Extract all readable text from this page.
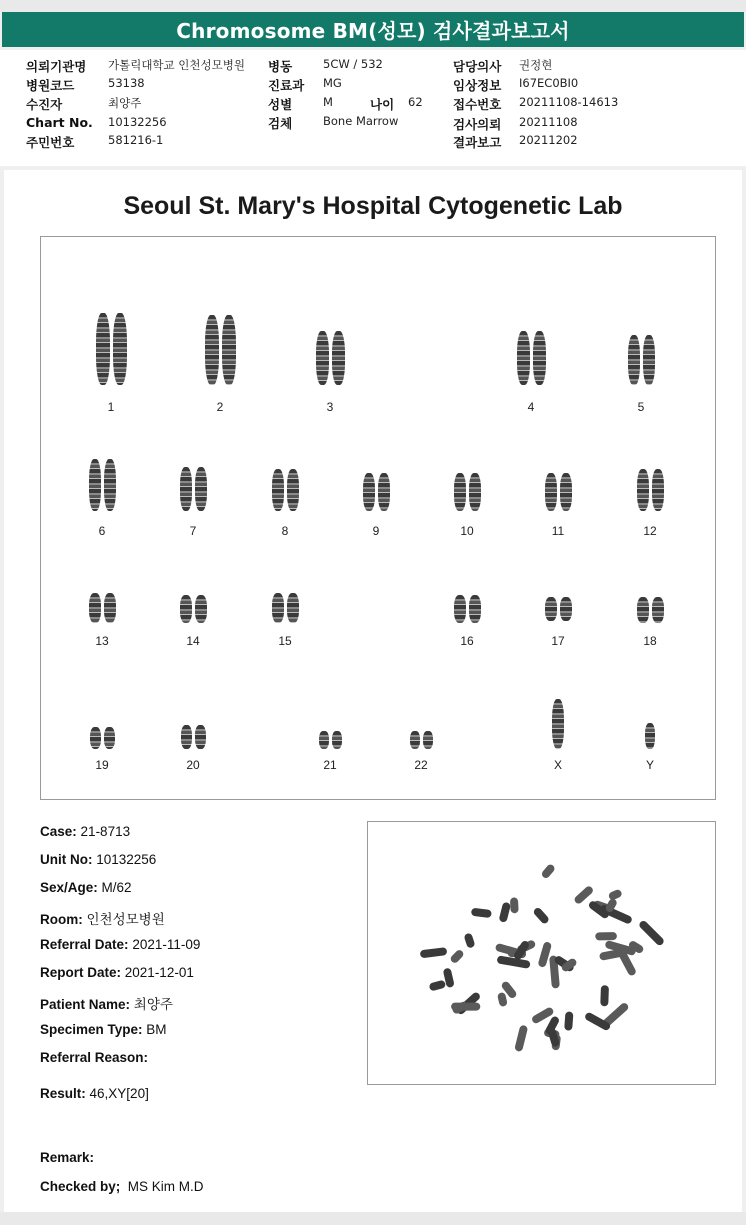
Chromosome BM(성모) 검사결과보고서
의뢰기관명 가톨릭대학교 인천성모병원
병원코드	53138
수진자	최양주
Chart No. 10132256
주민번호	581216-1
병동	5CW / 532
진료과 MG
성별	M	나이 62
검체	Bone Marrow
담당의사 권정현
임상정보 I67EC0BI0
접수번호 20211108-14613
검사의뢰 20211108
결과보고 20211202
Seoul St. Mary's Hospital Cytogenetic Lab
1	2	3	4	5
6	7	8	9	10	11	12
13	14	15	16	17	18
19	20	21	22	X	Y
Case: 21-8713
Unit No: 10132256
Sex/Age: M/62
Room: 인천성모병원
Referral Date: 2021-11-09
Report Date: 2021-12-01
Patient Name: 최양주
Specimen Type: BM
Referral Reason:
Result: 46,XY[20]
Remark:
Checked by; MS Kim M.D
